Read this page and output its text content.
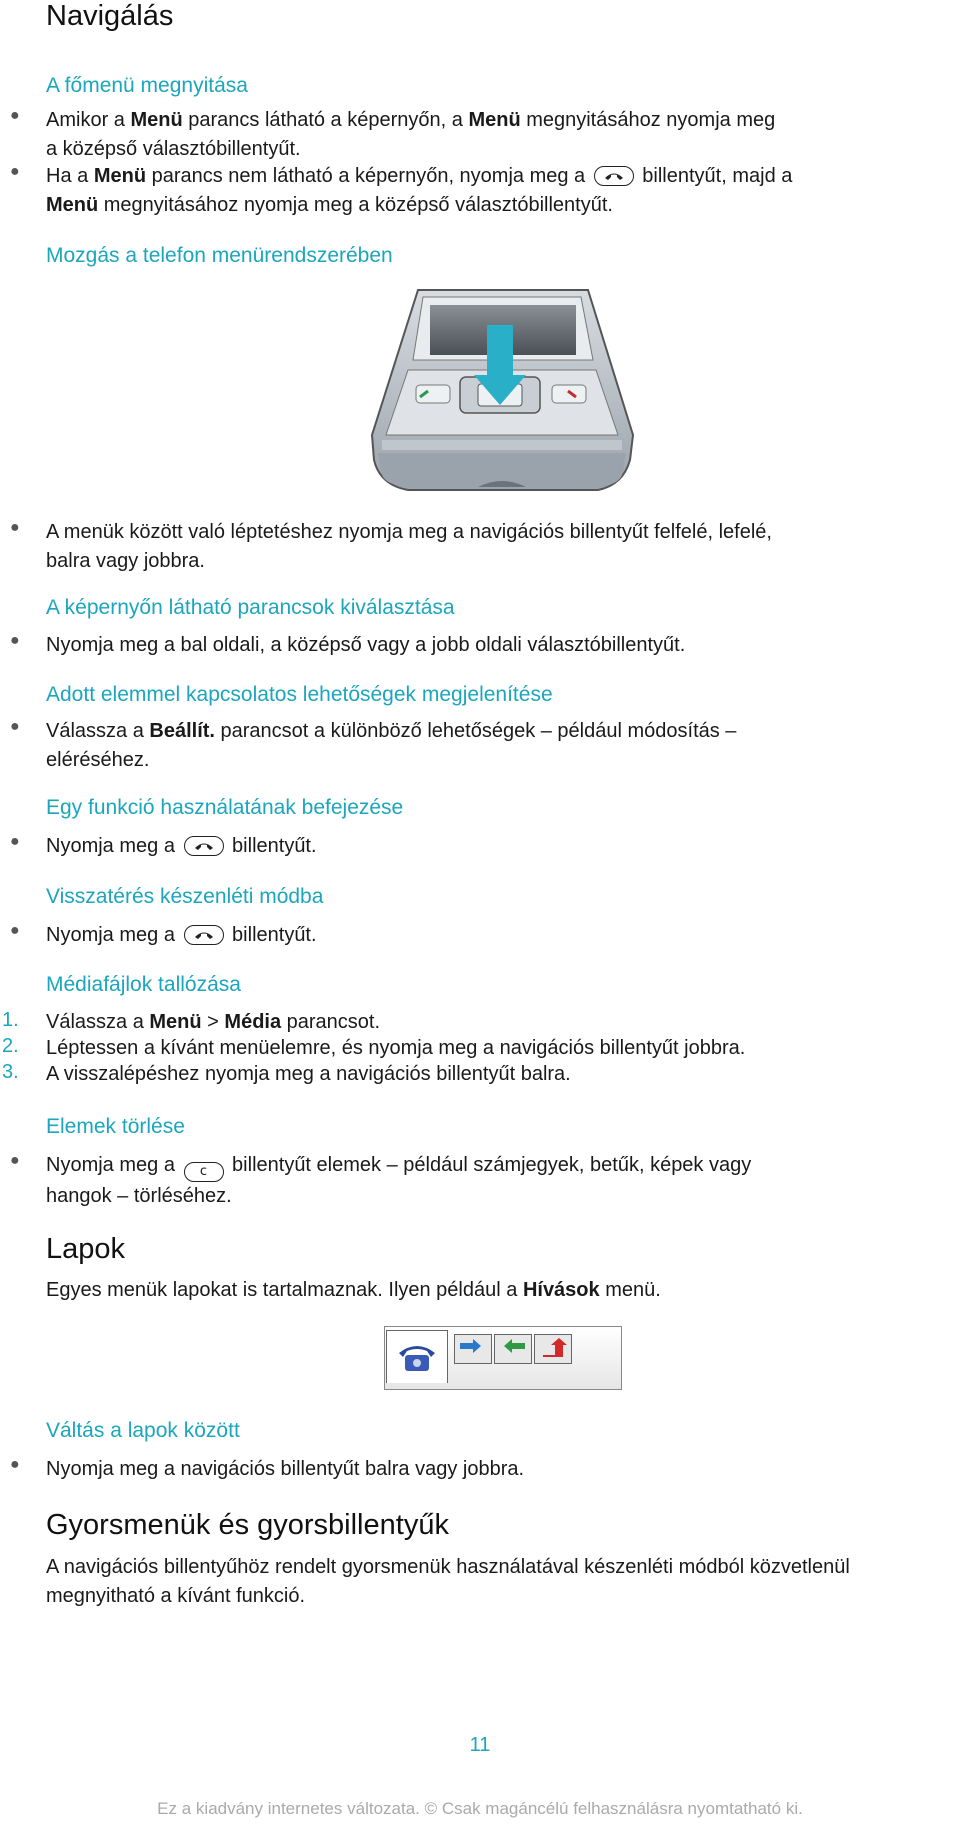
Navigálás
A főmenü megnyitása
● Amikor a Menü parancs látható a képernyőn, a Menü megnyitásához nyomja meg
a középső választóbillentyűt.
● Ha a Menü parancs nem látható a képernyőn, nyomja meg a
billentyűt, majd a
Menü megnyitásához nyomja meg a középső választóbillentyűt.
Mozgás a telefon menürendszerében
● A menük között való léptetéshez nyomja meg a navigációs billentyűt felfelé, lefelé,
balra vagy jobbra.
A képernyőn látható parancsok kiválasztása
● Nyomja meg a bal oldali, a középső vagy a jobb oldali választóbillentyűt.
Adott elemmel kapcsolatos lehetőségek megjelenítése
● Válassza a Beállít. parancsot a különböző lehetőségek – például módosítás –
eléréséhez.
Egy funkció használatának befejezése
● Nyomja meg a
billentyűt.
Visszatérés készenléti módba
● Nyomja meg a
billentyűt.
Médiafájlok tallózása
1. Válassza a Menü > Média parancsot.
2. Léptessen a kívánt menüelemre, és nyomja meg a navigációs billentyűt jobbra.
3. A visszalépéshez nyomja meg a navigációs billentyűt balra.
Elemek törlése
● Nyomja meg a c billentyűt elemek – például számjegyek, betűk, képek vagy
hangok – törléséhez.
Lapok
Egyes menük lapokat is tartalmaznak. Ilyen például a Hívások menü.
Váltás a lapok között
● Nyomja meg a navigációs billentyűt balra vagy jobbra.
Gyorsmenük és gyorsbillentyűk
A navigációs billentyűhöz rendelt gyorsmenük használatával készenléti módból közvetlenül
megnyitható a kívánt funkció.
11
Ez a kiadvány internetes változata. © Csak magáncélú felhasználásra nyomtatható ki.
